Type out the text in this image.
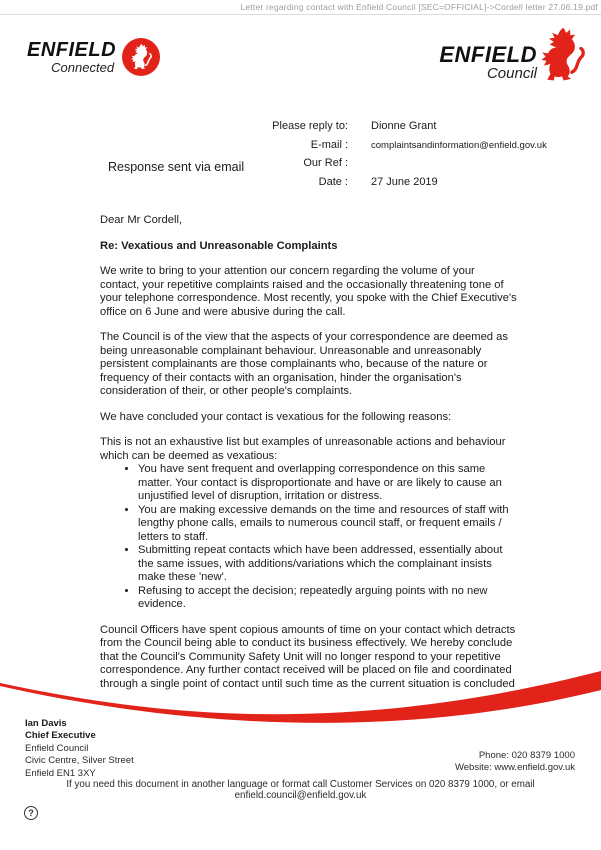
Letter regarding contact with Enfield Council [SEC=OFFICIAL]->Cordell letter 27.06.19.pdf
ENFIELD
Connected
ENFIELD
Council
Please reply to: Dionne Grant
E-mail : complaintsandinformation@enfield.gov.uk
Our Ref :
Date : 27 June 2019
Response sent via email
Dear Mr Cordell,
Re: Vexatious and Unreasonable Complaints
We write to bring to your attention our concern regarding the volume of your contact, your repetitive complaints raised and the occasionally threatening tone of your telephone correspondence. Most recently, you spoke with the Chief Executive's office on 6 June and were abusive during the call.
The Council is of the view that the aspects of your correspondence are deemed as being unreasonable complainant behaviour. Unreasonable and unreasonably persistent complainants are those complainants who, because of the nature or frequency of their contacts with an organisation, hinder the organisation's consideration of their, or other people's complaints.
We have concluded your contact is vexatious for the following reasons:
This is not an exhaustive list but examples of unreasonable actions and behaviour which can be deemed as vexatious:
• You have sent frequent and overlapping correspondence on this same matter. Your contact is disproportionate and have or are likely to cause an unjustified level of disruption, irritation or distress.
• You are making excessive demands on the time and resources of staff with lengthy phone calls, emails to numerous council staff, or frequent emails / letters to staff.
• Submitting repeat contacts which have been addressed, essentially about the same issues, with additions/variations which the complainant insists make these 'new'.
• Refusing to accept the decision; repeatedly arguing points with no new evidence.
Council Officers have spent copious amounts of time on your contact which detracts from the Council being able to conduct its business effectively. We hereby conclude that the Council's Community Safety Unit will no longer respond to your repetitive correspondence. Any further contact received will be placed on file and coordinated through a single point of contact until such time as the current situation is concluded
Ian Davis
Chief Executive
Enfield Council
Civic Centre, Silver Street
Enfield EN1 3XY
Phone: 020 8379 1000
Website: www.enfield.gov.uk
If you need this document in another language or format call Customer Services on 020 8379 1000, or email enfield.council@enfield.gov.uk
?
